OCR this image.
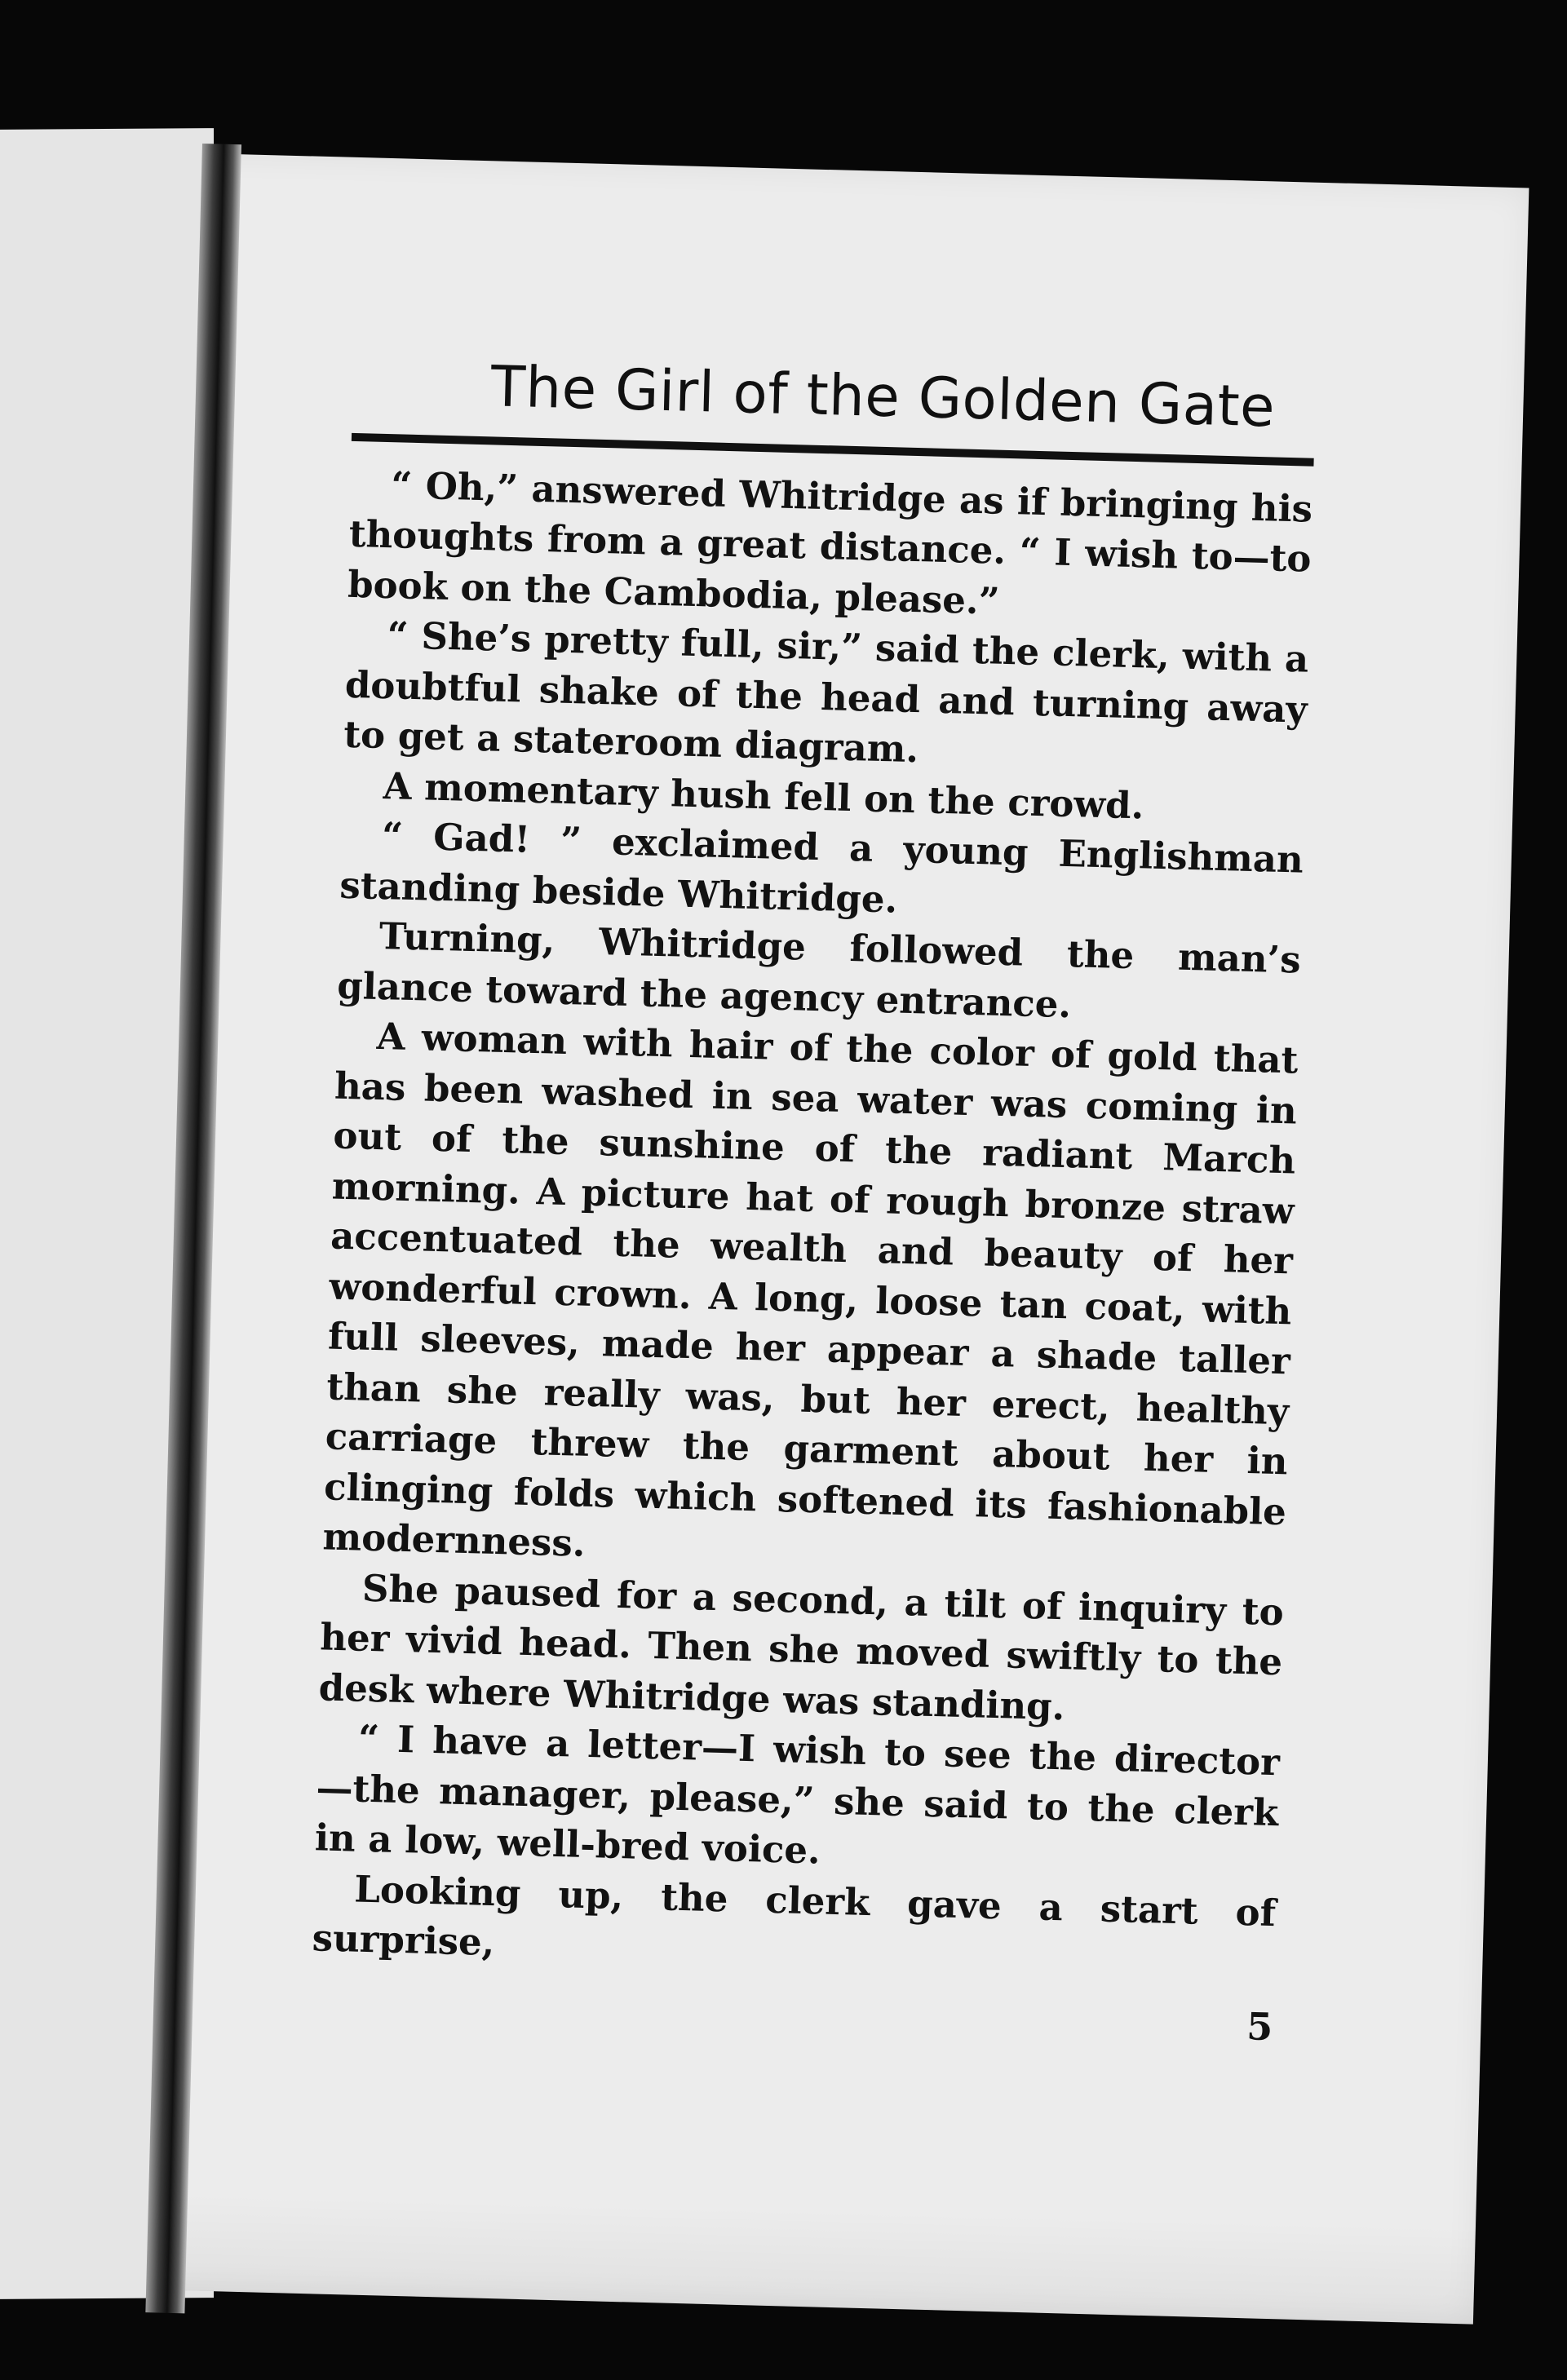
The Girl of the Golden Gate

“ Oh,” answered Whitridge as if bringing his thoughts from a great distance. “ I wish to—to book on the Cambodia, please.”

“ She’s pretty full, sir,” said the clerk, with a doubtful shake of the head and turning away to get a stateroom diagram.

A momentary hush fell on the crowd.

“ Gad! ” exclaimed a young Englishman standing beside Whitridge.

Turning, Whitridge followed the man’s glance toward the agency entrance.

A woman with hair of the color of gold that has been washed in sea water was coming in out of the sunshine of the radiant March morning. A picture hat of rough bronze straw accentuated the wealth and beauty of her wonderful crown. A long, loose tan coat, with full sleeves, made her appear a shade taller than she really was, but her erect, healthy carriage threw the garment about her in clinging folds which softened its fashionable modernness.

She paused for a second, a tilt of inquiry to her vivid head. Then she moved swiftly to the desk where Whitridge was standing.

“ I have a letter—I wish to see the director —the manager, please,” she said to the clerk in a low, well-bred voice.

Looking up, the clerk gave a start of surprise,

5
